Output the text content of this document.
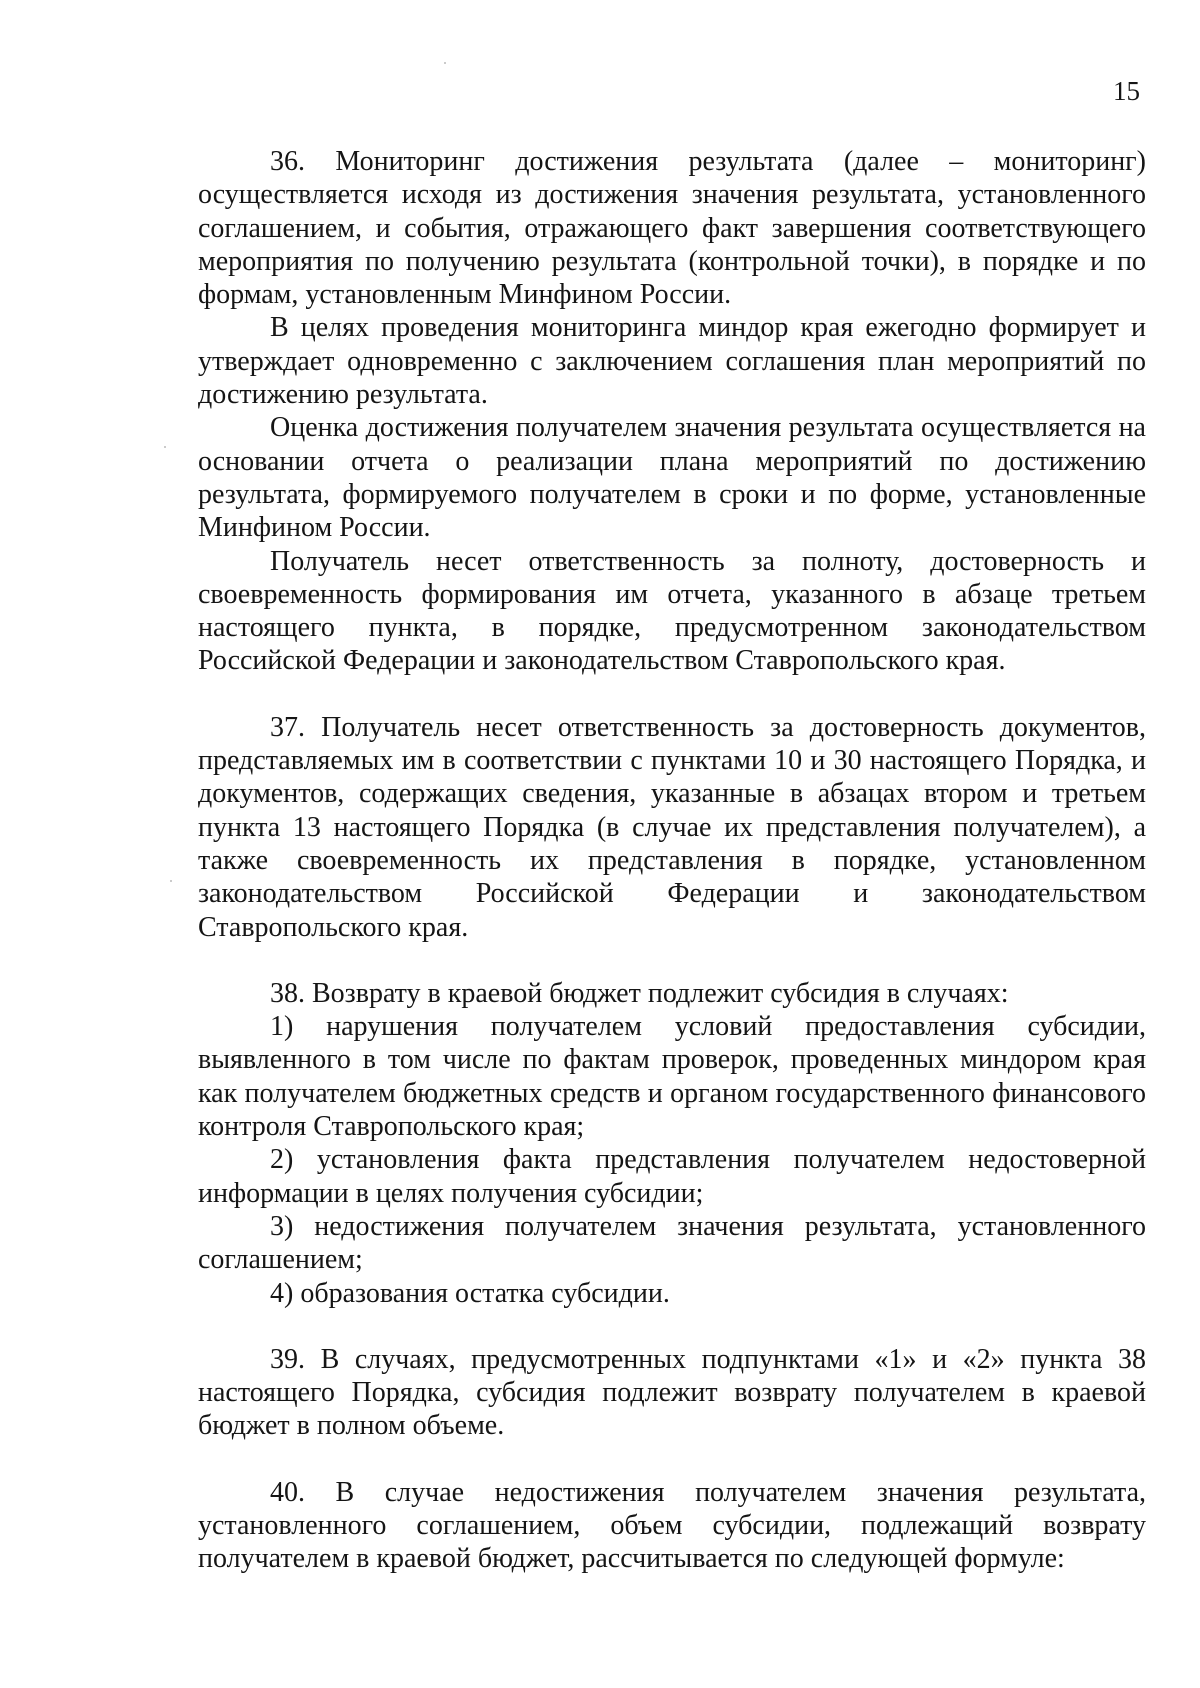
15

36. Мониторинг достижения результата (далее – мониторинг) осуществляется исходя из достижения значения результата, установленного соглашением, и события, отражающего факт завершения соответствующего мероприятия по получению результата (контрольной точки), в порядке и по формам, установленным Минфином России.

В целях проведения мониторинга миндор края ежегодно формирует и утверждает одновременно с заключением соглашения план мероприятий по достижению результата.

Оценка достижения получателем значения результата осуществляется на основании отчета о реализации плана мероприятий по достижению результата, формируемого получателем в сроки и по форме, установленные Минфином России.

Получатель несет ответственность за полноту, достоверность и своевременность формирования им отчета, указанного в абзаце третьем настоящего пункта, в порядке, предусмотренном законодательством Российской Федерации и законодательством Ставропольского края.

37. Получатель несет ответственность за достоверность документов, представляемых им в соответствии с пунктами 10 и 30 настоящего Порядка, и документов, содержащих сведения, указанные в абзацах втором и третьем пункта 13 настоящего Порядка (в случае их представления получателем), а также своевременность их представления в порядке, установленном законодательством Российской Федерации и законодательством Ставропольского края.

38. Возврату в краевой бюджет подлежит субсидия в случаях:

1) нарушения получателем условий предоставления субсидии, выявленного в том числе по фактам проверок, проведенных миндором края как получателем бюджетных средств и органом государственного финансового контроля Ставропольского края;

2) установления факта представления получателем недостоверной информации в целях получения субсидии;

3) недостижения получателем значения результата, установленного соглашением;

4) образования остатка субсидии.

39. В случаях, предусмотренных подпунктами «1» и «2» пункта 38 настоящего Порядка, субсидия подлежит возврату получателем в краевой бюджет в полном объеме.

40. В случае недостижения получателем значения результата, установленного соглашением, объем субсидии, подлежащий возврату получателем в краевой бюджет, рассчитывается по следующей формуле:
